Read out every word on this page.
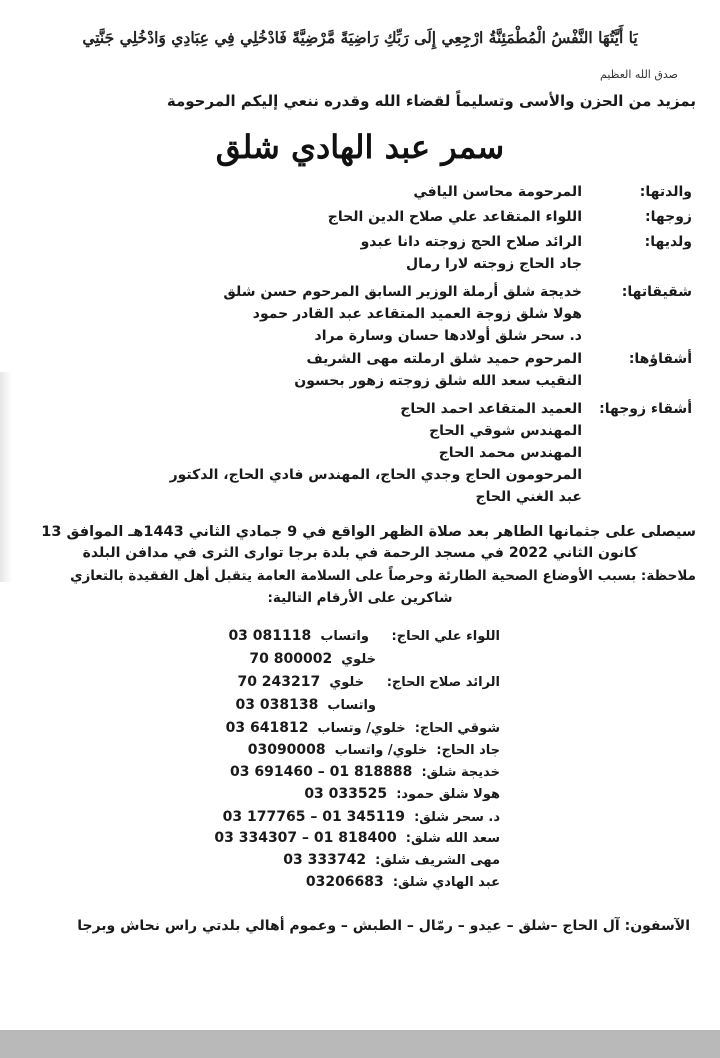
يَا أَيَّتُهَا النَّفْسُ الْمُطْمَئِنَّةُ ارْجِعِي إِلَى رَبِّكِ رَاضِيَةً مَّرْضِيَّةً فَادْخُلِي فِي عِبَادِي وَادْخُلِي جَنَّتِي
صدق الله العظيم
بمزيد من الحزن والأسى وتسليماً لقضاء الله وقدره ننعي إليكم المرحومة
سمر عبد الهادي شلق
والدتها:
المرحومة محاسن اليافي
زوجها:
اللواء المتقاعد علي صلاح الدين الحاج
ولديها:
الرائد صلاح الحج زوجته دانا عبدو
جاد الحاج زوجته لارا رمال
شقيقاتها:
خديجة شلق أرملة الوزير السابق المرحوم حسن شلق
هولا شلق زوجة العميد المتقاعد عبد القادر حمود
د. سحر شلق أولادها حسان وسارة مراد
أشقاؤها:
المرحوم حميد شلق ارملته مهى الشريف
النقيب سعد الله شلق زوجته زهور بحسون
أشقاء زوجها:
العميد المتقاعد احمد الحاج
المهندس شوقي الحاج
المهندس محمد الحاج
المرحومون الحاج وجدي الحاج، المهندس فادي الحاج، الدكتور
عبد الغني الحاج
سيصلى على جثمانها الطاهر بعد صلاة الظهر الواقع في 9 جمادي الثاني 1443هـ الموافق 13
كانون الثاني 2022 في مسجد الرحمة في بلدة برجا توارى الثرى في مدافن البلدة
ملاحظة: بسبب الأوضاع الصحية الطارئة وحرصاً على السلامة العامة يتقبل أهل الفقيدة بالتعازي
شاكرين على الأرقام التالية:
اللواء علي الحاج:     واتساب  03 081118
خلوي  70 800002
الرائد صلاح الحاج:     خلوي  70 243217
واتساب  03 038138
شوقي الحاج:  خلوي/ وتساب  03 641812
جاد الحاج:  خلوي/ واتساب  03090008
خديجة شلق:  03 691460 – 01 818888
هولا شلق حمود:  03 033525
د. سحر شلق:  03 177765 – 01 345119
سعد الله شلق:  03 334307 – 01 818400
مهى الشريف شلق:  03 333742
عبد الهادي شلق:  03206683
الآسفون: آل الحاج –شلق – عيدو – رمّال – الطبش – وعموم أهالي بلدتي راس نحاش وبرجا
